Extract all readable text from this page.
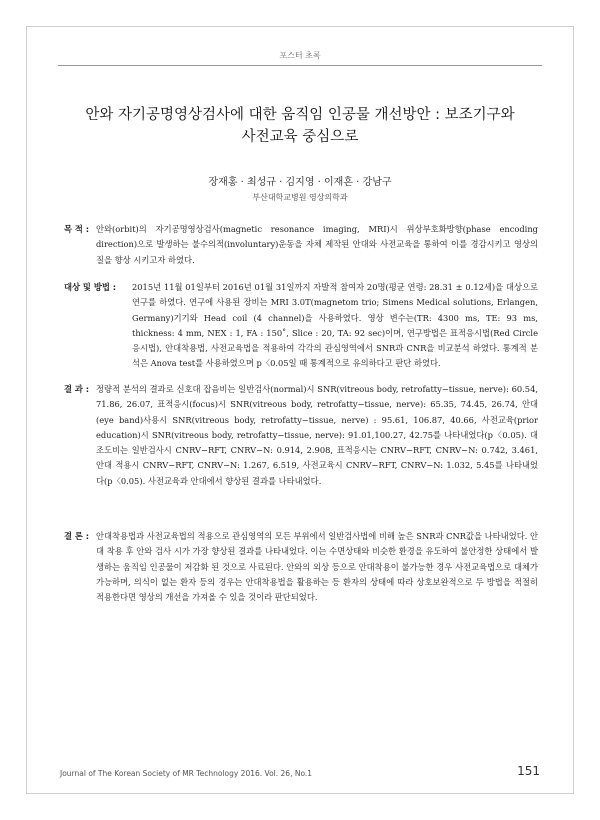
포스터 초록
안와 자기공명영상검사에 대한 움직임 인공물 개선방안 : 보조기구와
사전교육 중심으로
장재홍 · 최성규 · 김지영 · 이재흔 · 강남구
부산대학교병원 영상의학과
목 적 : 안와(orbit)의 자기공명영상검사(magnetic resonance imaging, MRI)시 위상부호화방향(phase encoding direction)으로 발생하는 불수의적(involuntary)운동을 자체 제작된 안대와 사전교육을 통하여 이를 경감시키고 영상의 질을 향상 시키고자 하였다.
대상 및 방법 : 2015년 11월 01일부터 2016년 01월 31일까지 자발적 참여자 20명(평균 연령: 28.31 ± 0.12세)을 대상으로 연구를 하였다. 연구에 사용된 장비는 MRI 3.0T(magnetom trio; Simens Medical solutions, Erlangen, Germany)기기와 Head coil (4 channel)을 사용하였다. 영상 변수는(TR: 4300 ms, TE: 93 ms, thickness: 4 mm, NEX : 1, FA : 150˚, Slice : 20, TA: 92 sec)이며, 연구방법은 표적응시법(Red Circle응시법), 안대착용법, 사전교육법을 적용하여 각각의 관심영역에서 SNR과 CNR을 비교분석 하였다. 통계적 분석은 Anova test를 사용하였으며 p〈0.05일 때 통계적으로 유의하다고 판단 하였다.
결 과 : 정량적 분석의 결과로 신호대 잡음비는 일반검사(normal)시 SNR(vitreous body, retrofatty−tissue, nerve): 60.54, 71.86, 26.07, 표적응시(focus)시 SNR(vitreous body, retrofatty−tissue, nerve): 65.35, 74.45, 26.74, 안대(eye band)사용시 SNR(vitreous body, retrofatty−tissue, nerve) : 95.61, 106.87, 40.66, 사전교육(prior education)시 SNR(vitreous body, retrofatty−tissue, nerve): 91.01,100.27, 42.75를 나타내었다(p〈0.05). 대조도비는 일반검사시 CNRV−RFT, CNRV−N: 0.914, 2.908, 표적응시는 CNRV−RFT, CNRV−N: 0.742, 3.461, 안대 적용시 CNRV−RFT, CNRV−N: 1.267, 6.519, 사전교육시 CNRV−RFT, CNRV−N: 1.032, 5.45를 나타내었다(p〈0.05). 사전교육과 안대에서 향상된 결과를 나타내었다.
결 론 : 안대착용법과 사전교육법의 적용으로 관심영역의 모든 부위에서 일반검사법에 비해 높은 SNR과 CNR값을 나타내었다. 안대 착용 후 안와 검사 시가 가장 향상된 결과를 나타내었다. 이는 수면상태와 비슷한 환경을 유도하여 불안정한 상태에서 발생하는 움직임 인공물이 저감화 된 것으로 사료된다. 안와의 외상 등으로 안대착용이 불가능한 경우 사전교육법으로 대체가 가능하며, 의식이 없는 환자 등의 경우는 안대착용법을 활용하는 등 환자의 상태에 따라 상호보완적으로 두 방법을 적절히 적용한다면 영상의 개선을 가져올 수 있을 것이라 판단되었다.
Journal of The Korean Society of MR Technology 2016. Vol. 26, No.1	151
